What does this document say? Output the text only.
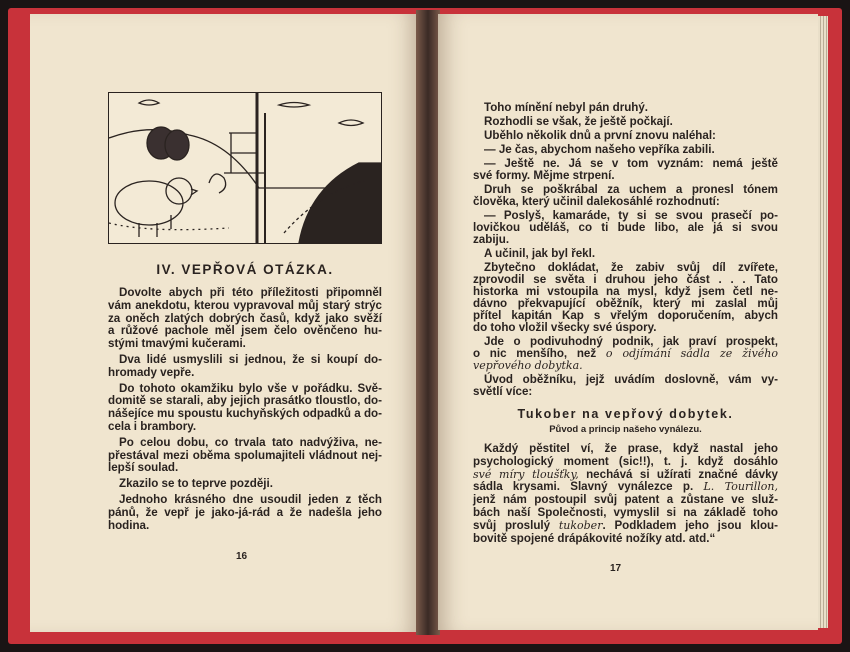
IV. VEPŘOVÁ OTÁZKA.
Dovolte abych při této příležitosti připomněl
vám anekdotu, kterou vypravoval můj starý strýc
za oněch zlatých dobrých časů, když jako svěží
a růžové pachole měl jsem čelo ověnčeno hu-
stými tmavými kučerami.
Dva lidé usmyslili si jednou, že si koupí do-
hromady vepře.
Do tohoto okamžiku bylo vše v pořádku. Svě-
domitě se starali, aby jejich prasátko tloustlo, do-
nášejíce mu spoustu kuchyňských odpadků a do-
cela i brambory.
Po celou dobu, co trvala tato nadvýživa, ne-
přestával mezi oběma spolumajiteli vládnout nej-
lepší soulad.
Zkazilo se to teprve později.
Jednoho krásného dne usoudil jeden z těch
pánů, že vepř je jako-já-rád a že nadešla jeho
hodina.
16
Toho mínění nebyl pán druhý.
Rozhodli se však, že ještě počkají.
Uběhlo několik dnů a první znovu naléhal:
— Je čas, abychom našeho vepříka zabili.
— Ještě ne. Já se v tom vyznám: nemá ještě
své formy. Mějme strpení.
Druh se poškrábal za uchem a pronesl tónem
člověka, který učinil dalekosáhlé rozhodnutí:
— Poslyš, kamaráde, ty si se svou prasečí po-
lovičkou uděláš, co ti bude libo, ale já si svou
zabiju.
A učinil, jak byl řekl.
Zbytečno dokládat, že zabiv svůj díl zvířete,
zprovodil se světa i druhou jeho část . . . Tato
historka mi vstoupila na mysl, když jsem četl ne-
dávno překvapující oběžník, který mi zaslal můj
přítel kapitán Kap s vřelým doporučením, abych
do toho vložil všecky své úspory.
Jde o podivuhodný podnik, jak praví prospekt,
o nic menšího, než o odjímání sádla ze živého
vepřového dobytka.
Úvod oběžníku, jejž uvádím doslovně, vám vy-
světlí více:
Tukober na vepřový dobytek.
Původ a princip našeho vynálezu.
Každý pěstitel ví, že prase, když nastal jeho
psychologický moment (sic!!), t. j. když dosáhlo
své míry tloušťky, nechává si užírati značné dávky
sádla krysami. Slavný vynálezce p. L. Tourillon,
jenž nám postoupil svůj patent a zůstane ve služ-
bách naší Společnosti, vymyslil si na základě toho
svůj proslulý tukober. Podkladem jeho jsou klou-
bovitě spojené drápákovité nožíky atd. atd.“
17
